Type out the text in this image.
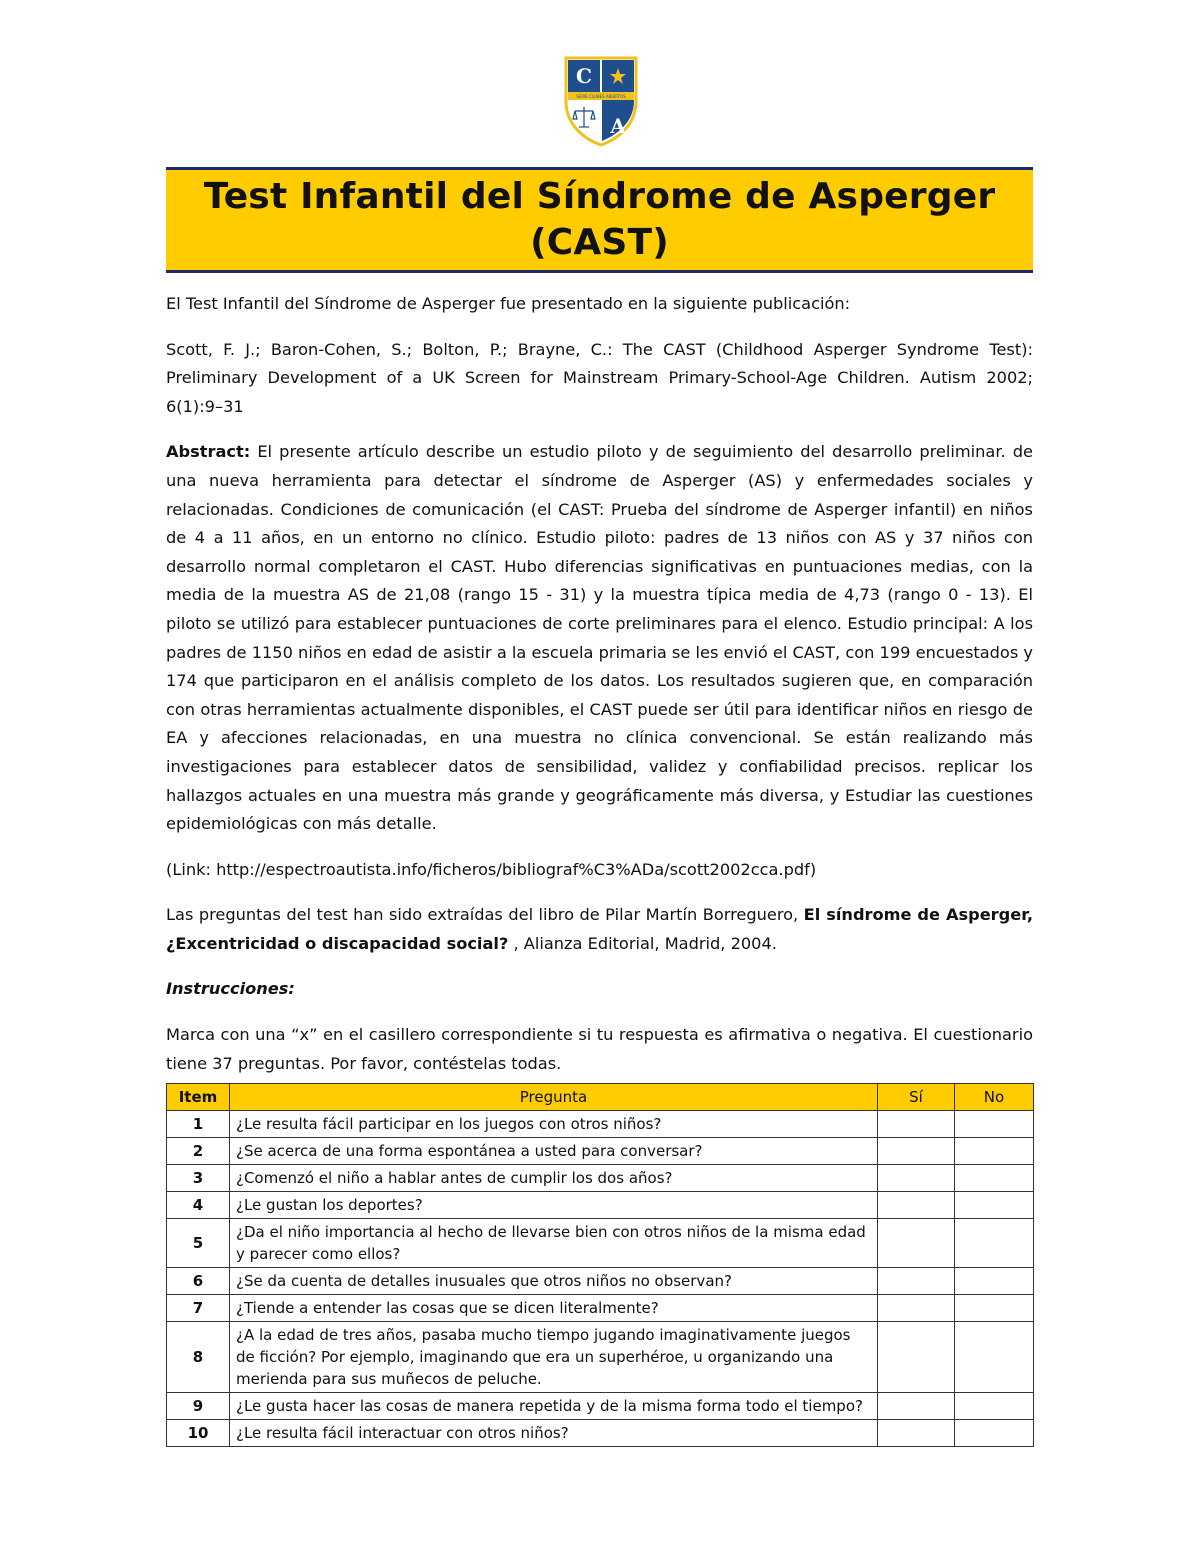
C
A
SERIE CLUBES ABIERTOS
Test Infantil del Síndrome de Asperger
(CAST)

El Test Infantil del Síndrome de Asperger fue presentado en la siguiente publicación:

Scott, F. J.; Baron-Cohen, S.; Bolton, P.; Brayne, C.: The CAST (Childhood Asperger Syndrome Test): Preliminary Development of a UK Screen for Mainstream Primary-School-Age Children. Autism 2002; 6(1):9–31

Abstract: El presente artículo describe un estudio piloto y de seguimiento del desarrollo preliminar. de una nueva herramienta para detectar el síndrome de Asperger (AS) y enfermedades sociales y relacionadas. Condiciones de comunicación (el CAST: Prueba del síndrome de Asperger infantil) en niños de 4 a 11 años, en un entorno no clínico. Estudio piloto: padres de 13 niños con AS y 37 niños con desarrollo normal completaron el CAST. Hubo diferencias significativas en puntuaciones medias, con la media de la muestra AS de 21,08 (rango 15 - 31) y la muestra típica media de 4,73 (rango 0 - 13). El piloto se utilizó para establecer puntuaciones de corte preliminares para el elenco. Estudio principal: A los padres de 1150 niños en edad de asistir a la escuela primaria se les envió el CAST, con 199 encuestados y 174 que participaron en el análisis completo de los datos. Los resultados sugieren que, en comparación con otras herramientas actualmente disponibles, el CAST puede ser útil para identificar niños en riesgo de EA y afecciones relacionadas, en una muestra no clínica convencional. Se están realizando más investigaciones para establecer datos de sensibilidad, validez y confiabilidad precisos. replicar los hallazgos actuales en una muestra más grande y geográficamente más diversa, y Estudiar las cuestiones epidemiológicas con más detalle.

(Link: http://espectroautista.info/ficheros/bibliograf%C3%ADa/scott2002cca.pdf)

Las preguntas del test han sido extraídas del libro de Pilar Martín Borreguero, El síndrome de Asperger, ¿Excentricidad o discapacidad social? , Alianza Editorial, Madrid, 2004.

Instrucciones:

Marca con una “x” en el casillero correspondiente si tu respuesta es afirmativa o negativa. El cuestionario tiene 37 preguntas. Por favor, contéstelas todas.

Item	Pregunta	Sí	No
1	¿Le resulta fácil participar en los juegos con otros niños?		
2	¿Se acerca de una forma espontánea a usted para conversar?		
3	¿Comenzó el niño a hablar antes de cumplir los dos años?		
4	¿Le gustan los deportes?		
5	¿Da el niño importancia al hecho de llevarse bien con otros niños de la misma edad y parecer como ellos?		
6	¿Se da cuenta de detalles inusuales que otros niños no observan?		
7	¿Tiende a entender las cosas que se dicen literalmente?		
8	¿A la edad de tres años, pasaba mucho tiempo jugando imaginativamente juegos de ficción? Por ejemplo, imaginando que era un superhéroe, u organizando una merienda para sus muñecos de peluche.		
9	¿Le gusta hacer las cosas de manera repetida y de la misma forma todo el tiempo?		
10	¿Le resulta fácil interactuar con otros niños?		
